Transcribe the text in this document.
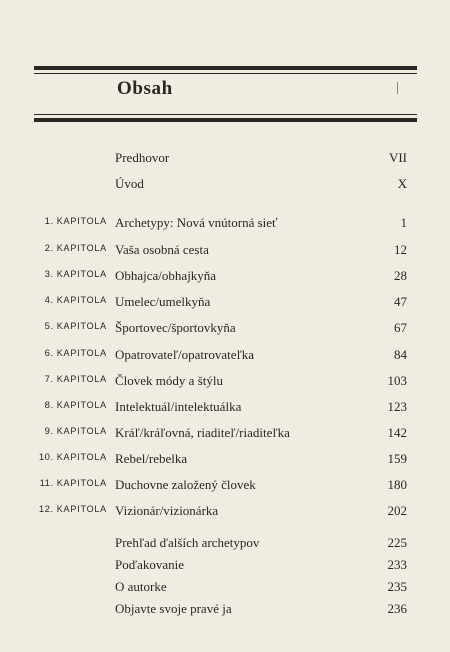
Obsah
Predhovor	VII
Úvod	X
1. KAPITOLA Archetypy: Nová vnútorná sieť	1
2. KAPITOLA Vaša osobná cesta	12
3. KAPITOLA Obhajca/obhajkyňa	28
4. KAPITOLA Umelec/umelkyňa	47
5. KAPITOLA Športovec/športovkyňa	67
6. KAPITOLA Opatrovateľ/opatrovateľka	84
7. KAPITOLA Človek módy a štýlu	103
8. KAPITOLA Intelektuál/intelektuálka	123
9. KAPITOLA Kráľ/kráľovná, riaditeľ/riaditeľka	142
10. KAPITOLA Rebel/rebelka	159
11. KAPITOLA Duchovne založený človek	180
12. KAPITOLA Vizionár/vizionárka	202
Prehľad ďalších archetypov	225
Poďakovanie	233
O autorke	235
Objavte svoje pravé ja	236
